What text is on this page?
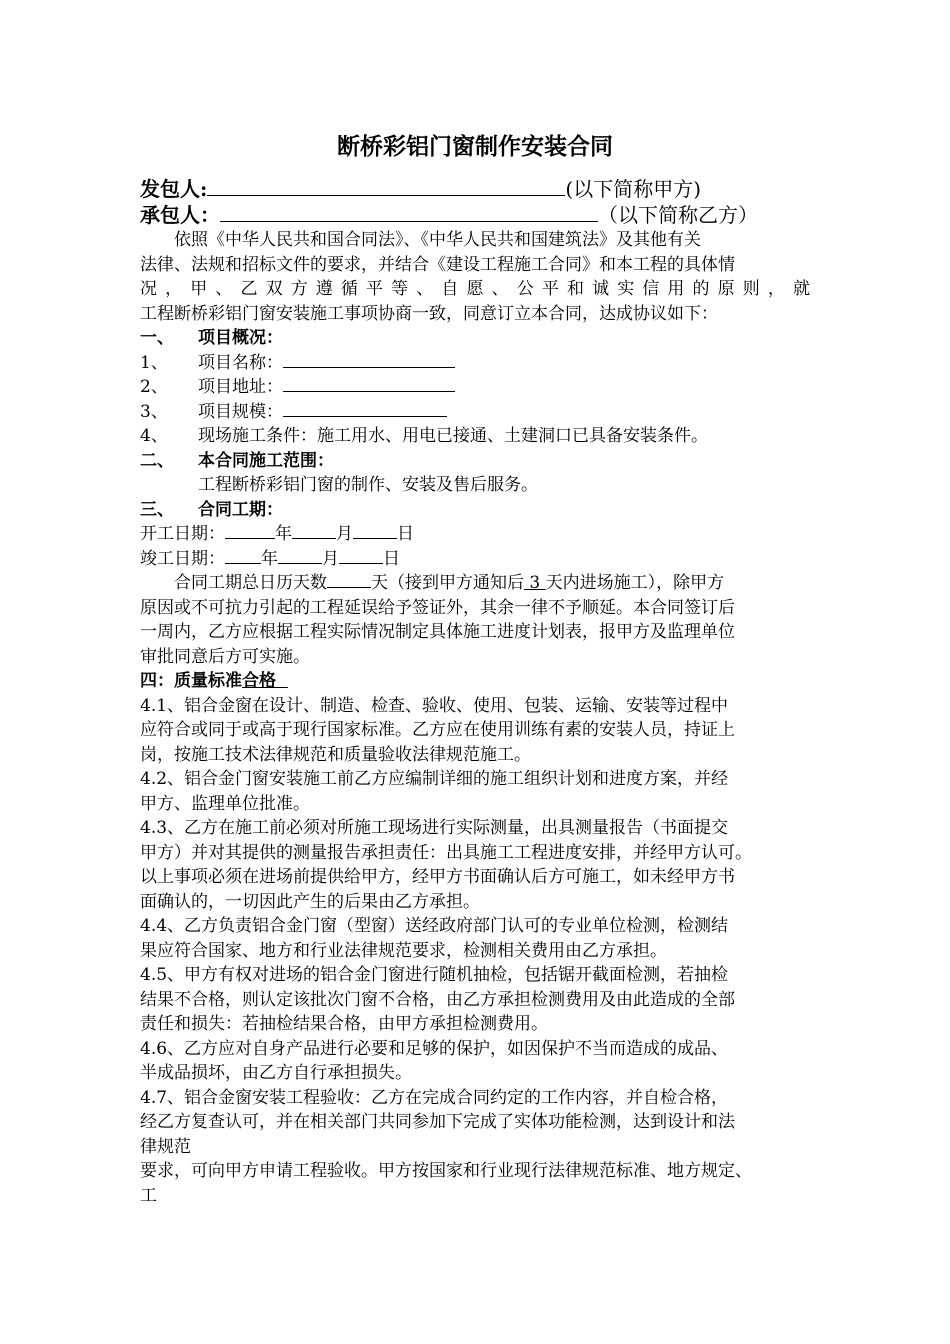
断桥彩铝门窗制作安装合同
发包人:	(以下简称甲方)
承包人：	（以下简称乙方）

依照《中华人民共和国合同法》、《中华人民共和国建筑法》及其他有关

法律、法规和招标文件的要求，并结合《建设工程施工合同》和本工程的具体情

况，甲、乙双方遵循平等、自愿、公平和诚实信用的原则，就

工程断桥彩铝门窗安装施工事项协商一致，同意订立本合同，达成协议如下：

一、 项目概况：

1、 项目名称：

2、 项目地址：

3、 项目规模：

4、 现场施工条件：施工用水、用电已接通、土建洞口已具备安装条件。

二、 本合同施工范围：

工程断桥彩铝门窗的制作、安装及售后服务。

三、 合同工期：

开工日期：	年	月	日

竣工日期： 年	月	日

合同工期总日历天数	天（接到甲方通知后 3 天内进场施工），除甲方

原因或不可抗力引起的工程延误给予签证外，其余一律不予顺延。本合同签订后

一周内，乙方应根据工程实际情况制定具体施工进度计划表，报甲方及监理单位

审批同意后方可实施。

四：质量标准合格

4.1、铝合金窗在设计、制造、检查、验收、使用、包装、运输、安装等过程中

应符合或同于或高于现行国家标准。乙方应在使用训练有素的安装人员，持证上

岗，按施工技术法律规范和质量验收法律规范施工。

4.2、铝合金门窗安装施工前乙方应编制详细的施工组织计划和进度方案，并经

甲方、监理单位批准。

4.3、乙方在施工前必须对所施工现场进行实际测量，出具测量报告（书面提交

甲方）并对其提供的测量报告承担责任：出具施工工程进度安排，并经甲方认可。

以上事项必须在进场前提供给甲方，经甲方书面确认后方可施工，如未经甲方书

面确认的，一切因此产生的后果由乙方承担。

4.4、乙方负责铝合金门窗（型窗）送经政府部门认可的专业单位检测，检测结

果应符合国家、地方和行业法律规范要求，检测相关费用由乙方承担。

4.5、甲方有权对进场的铝合金门窗进行随机抽检，包括锯开截面检测，若抽检

结果不合格，则认定该批次门窗不合格，由乙方承担检测费用及由此造成的全部

责任和损失：若抽检结果合格，由甲方承担检测费用。

4.6、乙方应对自身产品进行必要和足够的保护，如因保护不当而造成的成品、

半成品损坏，由乙方自行承担损失。

4.7、铝合金窗安装工程验收：乙方在完成合同约定的工作内容，并自检合格，

经乙方复查认可，并在相关部门共同参加下完成了实体功能检测，达到设计和法

律规范

要求，可向甲方申请工程验收。甲方按国家和行业现行法律规范标准、地方规定、

工
